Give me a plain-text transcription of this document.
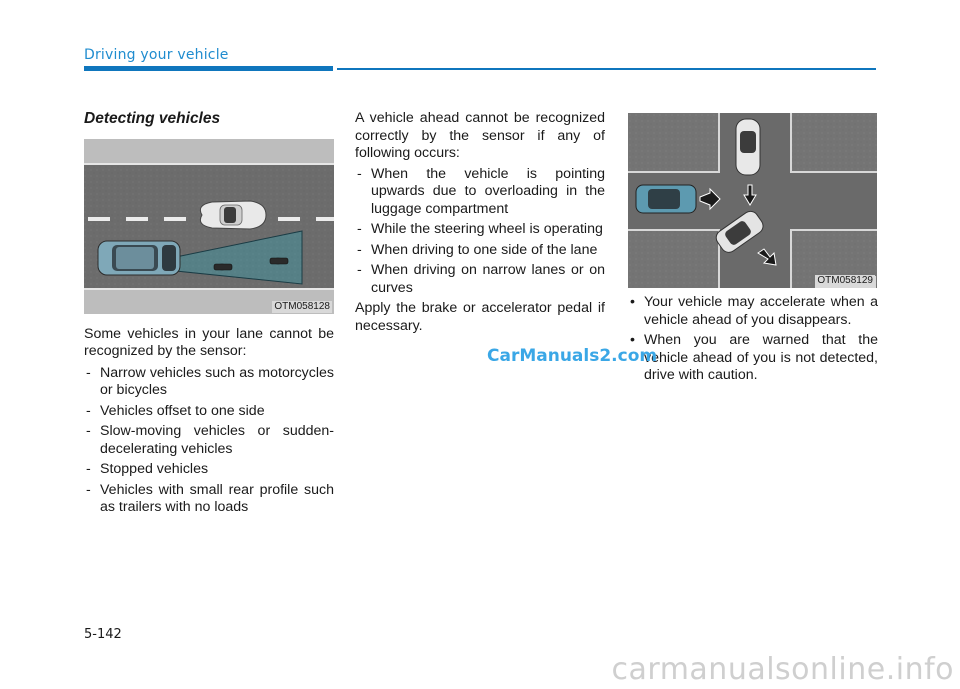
Driving your vehicle

Detecting vehicles

OTM058128

Some vehicles in your lane cannot be recognized by the sensor:

- Narrow vehicles such as motorcycles or bicycles
- Vehicles offset to one side
- Slow-moving vehicles or sudden-decelerating vehicles
- Stopped vehicles
- Vehicles with small rear profile such as trailers with no loads

A vehicle ahead cannot be recognized correctly by the sensor if any of following occurs:

- When the vehicle is pointing upwards due to overloading in the luggage compartment
- While the steering wheel is operating
- When driving to one side of the lane
- When driving on narrow lanes or on curves

Apply the brake or accelerator pedal if necessary.

OTM058129
• Your vehicle may accelerate when a vehicle ahead of you disappears.
• When you are warned that the vehicle ahead of you is not detected, drive with caution.
CarManuals2.com
5-142
carmanualsonline.info
